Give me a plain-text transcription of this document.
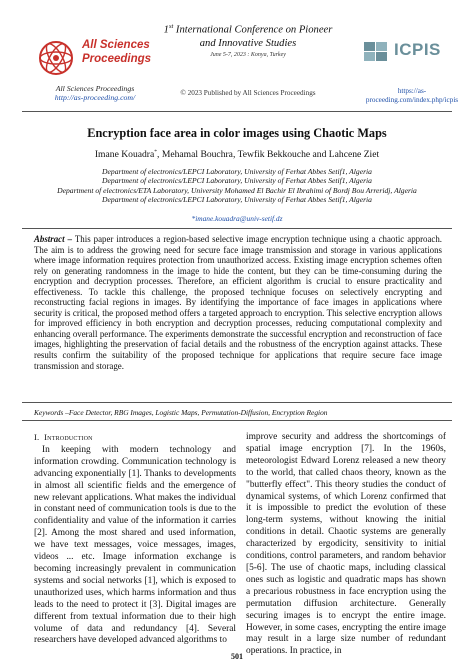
All Sciences
Proceedings
All Sciences Proceedings
http://as-proceeding.com/
1st International Conference on Pioneer
and Innovative Studies
June 5-7, 2023 : Konya, Turkey
© 2023 Published by All Sciences Proceedings
ICPIS
https://as-
proceeding.com/index.php/icpis
Encryption face area in color images using Chaotic Maps
Imane Kouadra*, Mehamal Bouchra, Tewfik Bekkouche and Lahcene Ziet
Department of electronics/LEPCI Laboratory, University of Ferhat Abbes Setif1, Algeria
Department of electronics/LEPCI Laboratory, University of Ferhat Abbes Setif1, Algeria
Department of electronics/ETA Laboratory, University Mohamed El Bachir El Ibrahimi of Bordj Bou Arreridj, Algeria
Department of electronics/LEPCI Laboratory, University of Ferhat Abbes Setif1, Algeria
*imane.kouadra@univ-setif.dz
Abstract – This paper introduces a region-based selective image encryption technique using a chaotic approach. The aim is to address the growing need for secure face image transmission and storage in various applications where image information requires protection from unauthorized access. Existing image encryption schemes often rely on generating randomness in the image to hide the content, but they can be time-consuming during the encryption and decryption processes. Therefore, an efficient algorithm is crucial to ensure practicality and effectiveness. To tackle this challenge, the proposed technique focuses on selectively encrypting and reconstructing facial regions in images. By identifying the importance of face images in applications where security is critical, the proposed method offers a targeted approach to encryption. This selective encryption allows for improved efficiency in both encryption and decryption processes, reducing computational complexity and enhancing overall performance. The experiments demonstrate the successful encryption and reconstruction of face images, highlighting the preservation of facial details and the robustness of the encryption against attacks. These results confirm the suitability of the proposed technique for applications that require secure face image transmission and storage.
Keywords –Face Detector, RBG Images, Logistic Maps, Permutation-Diffusion, Encryption Region
I. Introduction
In keeping with modern technology and information crowding. Communication technology is advancing exponentially [1]. Thanks to developments in almost all scientific fields and the emergence of new relevant applications. What makes the individual in constant need of communication tools is due to the confidentiality and value of the information it carries [2]. Among the most shared and used information, we have text messages, voice messages, images, videos ... etc. Image information exchange is becoming increasingly prevalent in communication systems and social networks [1], which is exposed to unauthorized uses, which harms information and thus leads to the need to protect it [3]. Digital images are different from textual information due to their high volume of data and redundancy [4]. Several researchers have developed advanced algorithms to
improve security and address the shortcomings of spatial image encryption [7]. In the 1960s, meteorologist Edward Lorenz released a new theory to the world, that called chaos theory, known as the "butterfly effect". This theory studies the conduct of dynamical systems, of which Lorenz confirmed that it is impossible to predict the evolution of these long-term systems, without knowing the initial conditions in detail. Chaotic systems are generally characterized by ergodicity, sensitivity to initial conditions, control parameters, and random behavior [5-6]. The use of chaotic maps, including classical ones such as logistic and quadratic maps has shown a precarious robustness in face encryption using the permutation diffusion architecture. Generally securing images is to encrypt the entire image. However, in some cases, encrypting the entire image may result in a large size number of redundant operations. In practice, in
501
